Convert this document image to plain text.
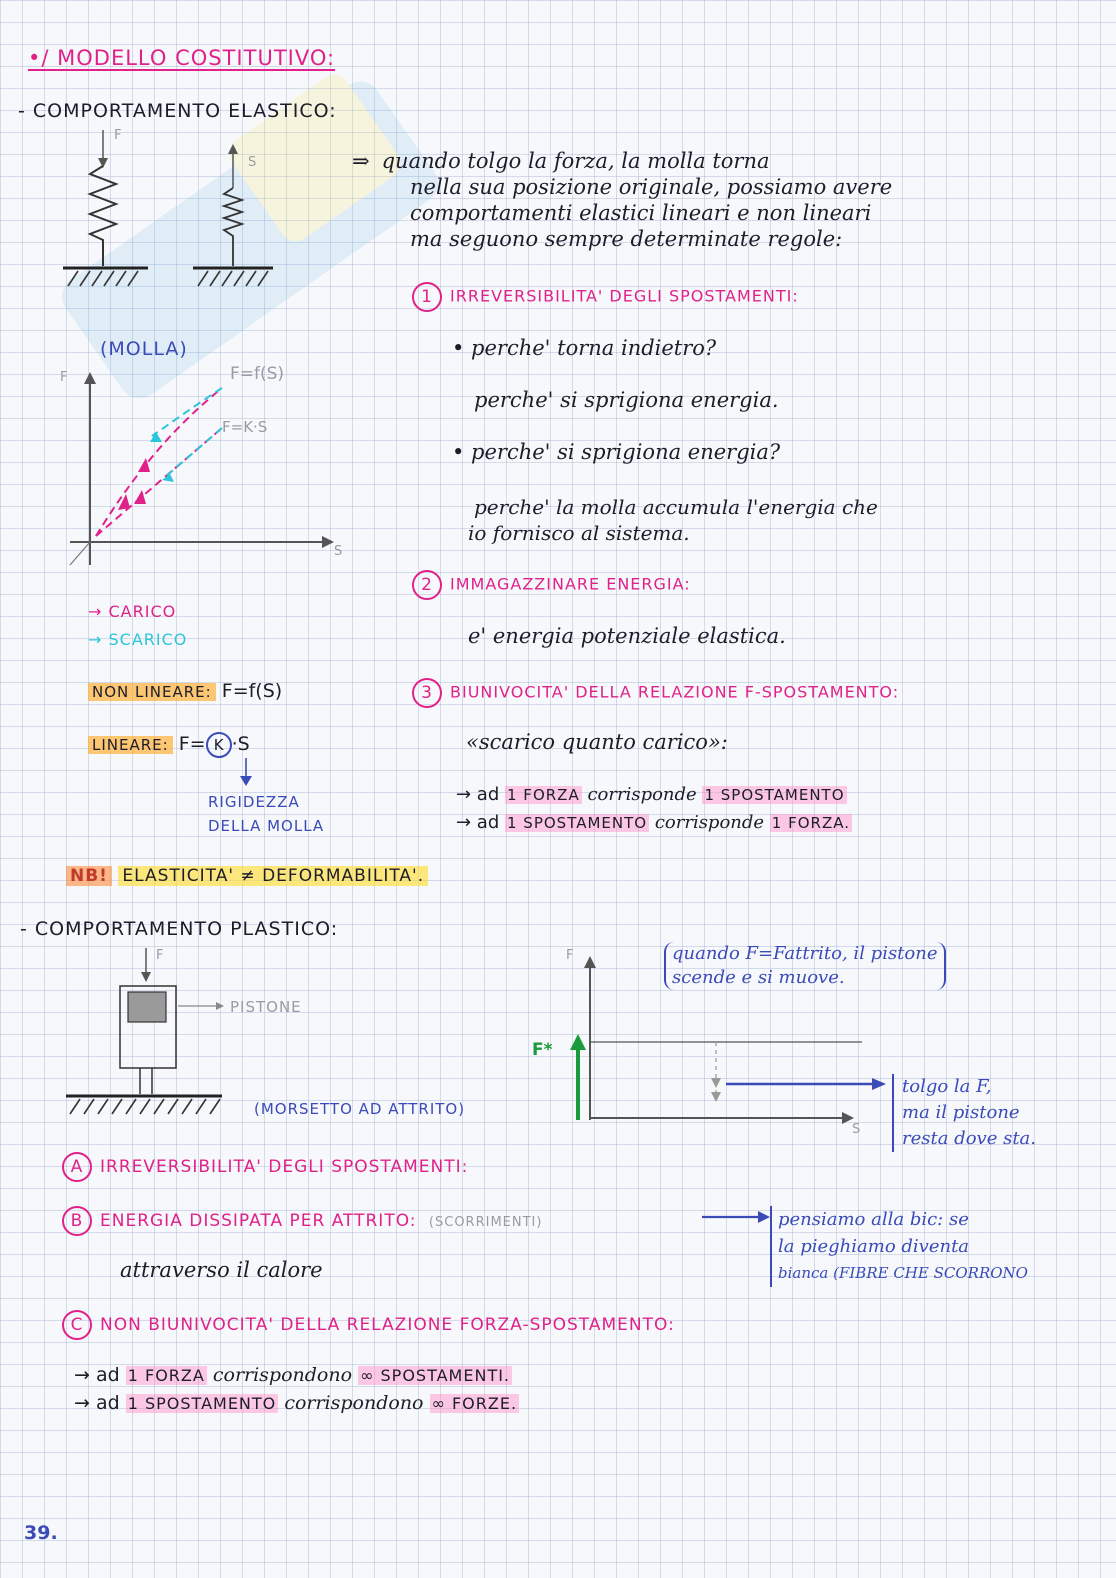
•/ MODELLO COSTITUTIVO:
- COMPORTAMENTO ELASTICO:
F
S	⇒ quando tolgo la forza, la molla torna
nella sua posizione originale, possiamo avere
comportamenti elastici lineari e non lineari
ma seguono sempre determinate regole:
1 IRREVERSIBILITA' DEGLI SPOSTAMENTI:
• perche' torna indietro?
perche' si sprigiona energia.
• perche' si sprigiona energia?
perche' la molla accumula l'energia che
io fornisco al sistema.
2 IMMAGAZZINARE ENERGIA:
e' energia potenziale elastica.
3 BIUNIVOCITA' DELLA RELAZIONE F-SPOSTAMENTO:
«scarico quanto carico»:
→ ad 1 FORZA corrisponde 1 SPOSTAMENTO
→ ad 1 SPOSTAMENTO corrisponde 1 FORZA.
(MOLLA)
F
S
F=f(S)
F=K·S
→ CARICO
→ SCARICO
NON LINEARE: F=f(S)
LINEARE: F= K ·S
RIGIDEZZA
DELLA MOLLA
NB! ELASTICITA' ≠ DEFORMABILITA'.
- COMPORTAMENTO PLASTICO:
F
PISTONE
(MORSETTO AD ATTRITO)
F
S
F*
quando F=Fattrito, il pistone
scende e si muove.
tolgo la F,
ma il pistone
resta dove sta.
A IRREVERSIBILITA' DEGLI SPOSTAMENTI:
B ENERGIA DISSIPATA PER ATTRITO: (SCORRIMENTI)
attraverso il calore
pensiamo alla bic: se
la pieghiamo diventa
bianca (FIBRE CHE SCORRONO
C NON BIUNIVOCITA' DELLA RELAZIONE FORZA-SPOSTAMENTO:
→ ad 1 FORZA corrispondono ∞ SPOSTAMENTI.
→ ad 1 SPOSTAMENTO corrispondono ∞ FORZE.
39.
